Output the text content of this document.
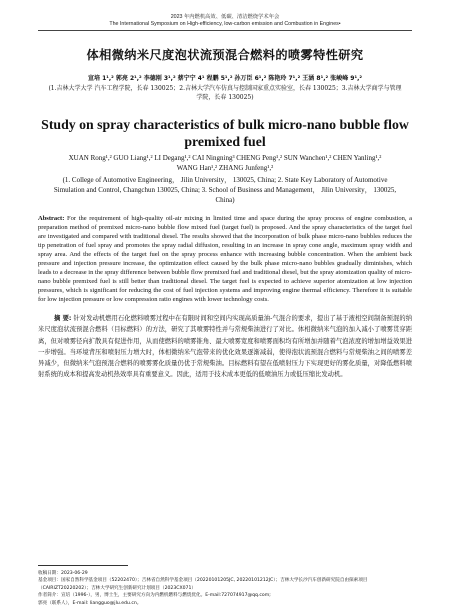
2023 年内燃机高效、低碳、清洁燃烧学术年会
The International Symposium on High-efficiency, low-carbon emission and Combustion in Engines•
体相微纳米尺度泡状流预混合燃料的喷雾特性研究
宣培 1¹,² 郭亮 2¹,² 李德刚 3¹,² 蔡宁宁 4¹ 程鹏 5¹,² 孙万臣 6¹,² 陈艳玲 7¹,² 王涵 8¹,² 张峻峰 9¹,²
(1.吉林大学大学 汽车工程学院，长春 130025；2.吉林大学汽车仿真与控制国家重点实验室，长春 130025；3.吉林大学商学与管理学院，长春 130025)
Study on spray characteristics of bulk micro-nano bubble flow premixed fuel
XUAN Rong¹,² GUO Liang¹,² LI Degang¹,² CAI Ningning³ CHENG Peng¹,² SUN Wanchen¹,² CHEN Yanling¹,² WANG Han¹,² ZHANG Junfeng¹,²
(1. College of Automotive Engineering， Jilin University， 130025, China; 2. State Key Laboratory of Automotive Simulation and Control, Changchun 130025, China; 3. School of Business and Management， Jilin University， 130025, China)
Abstract: For the requirement of high-quality oil-air mixing in limited time and space during the spray process of engine combustion, a preparation method of premixed micro-nano bubble flow mixed fuel (target fuel) is proposed. And the spray characteristics of the target fuel are investigated and compared with traditional diesel. The results showed that the incorporation of bulk phase micro-nano bubbles reduces the tip penetration of fuel spray and promotes the spray radial diffusion, resulting in an increase in spray cone angle, maximum spray width and spray area. And the effects of the target fuel on the spray process enhance with increasing bubble concentration. When the ambient back pressure and injection pressure increase, the optimization effect caused by the bulk phase micro-nano bubbles gradually diminishes, which leads to a decrease in the spray difference between bubble flow premixed fuel and traditional diesel, but the spray atomization quality of micro-nano bubble premixed fuel is still better than traditional diesel. The target fuel is expected to achieve superior atomization at low injection pressures, which is significant for reducing the cost of fuel injection systems and improving engine thermal efficiency. Therefore it is suitable for low injection pressure or low compression ratio engines with lower technology costs.
摘 要: 针对发动机燃用石化燃料喷雾过程中在有限时间和空间内实现高质量油-气混合的要求，提出了基于液相空间制备预混的纳米尺度泡状流预混合燃料（目标燃料）的方法，研究了其喷雾特性并与常规柴油进行了对比。体相微纳米气泡的加入减小了喷雾贯穿距离，但对喷雾径向扩散具有促进作用，从而使燃料的喷雾锥角、最大喷雾宽度和喷雾面积均有所增加并随着气泡浓度的增加增益效果进一步增强。当环境背压和喷射压力增大时，体相微纳米气泡带来的优化效果逐渐减弱，使得泡状流预混合燃料与常规柴油之间的喷雾差异减少，但微纳米气泡预混合燃料的喷雾雾化质量仍优于常规柴油。目标燃料有望在低喷射压力下实现更好的雾化质量，对降低燃料喷射系统的成本和提高发动机热效率具有重要意义。因此，适用于技术成本更低的低喷油压力或低压缩比发动机。
收稿日期：2023-06-29
基金项目：国家自然科学基金项目（52202470）；吉林省自然科学基金项目（20220101205JC, 20220101212JC）；吉林大学长沙汽车创新研究院自由探索项目（CAIRIZT20220202）；吉林大学研究生创新研究计划项目（2023CX071）
作者简介：宣培（1996-），男，博士生，主要研究方向为内燃机燃料与燃烧优化。E-mail:727074917@qq.com;
郭亮（联系人），E-mail: liangguo@jlu.edu.cn。
